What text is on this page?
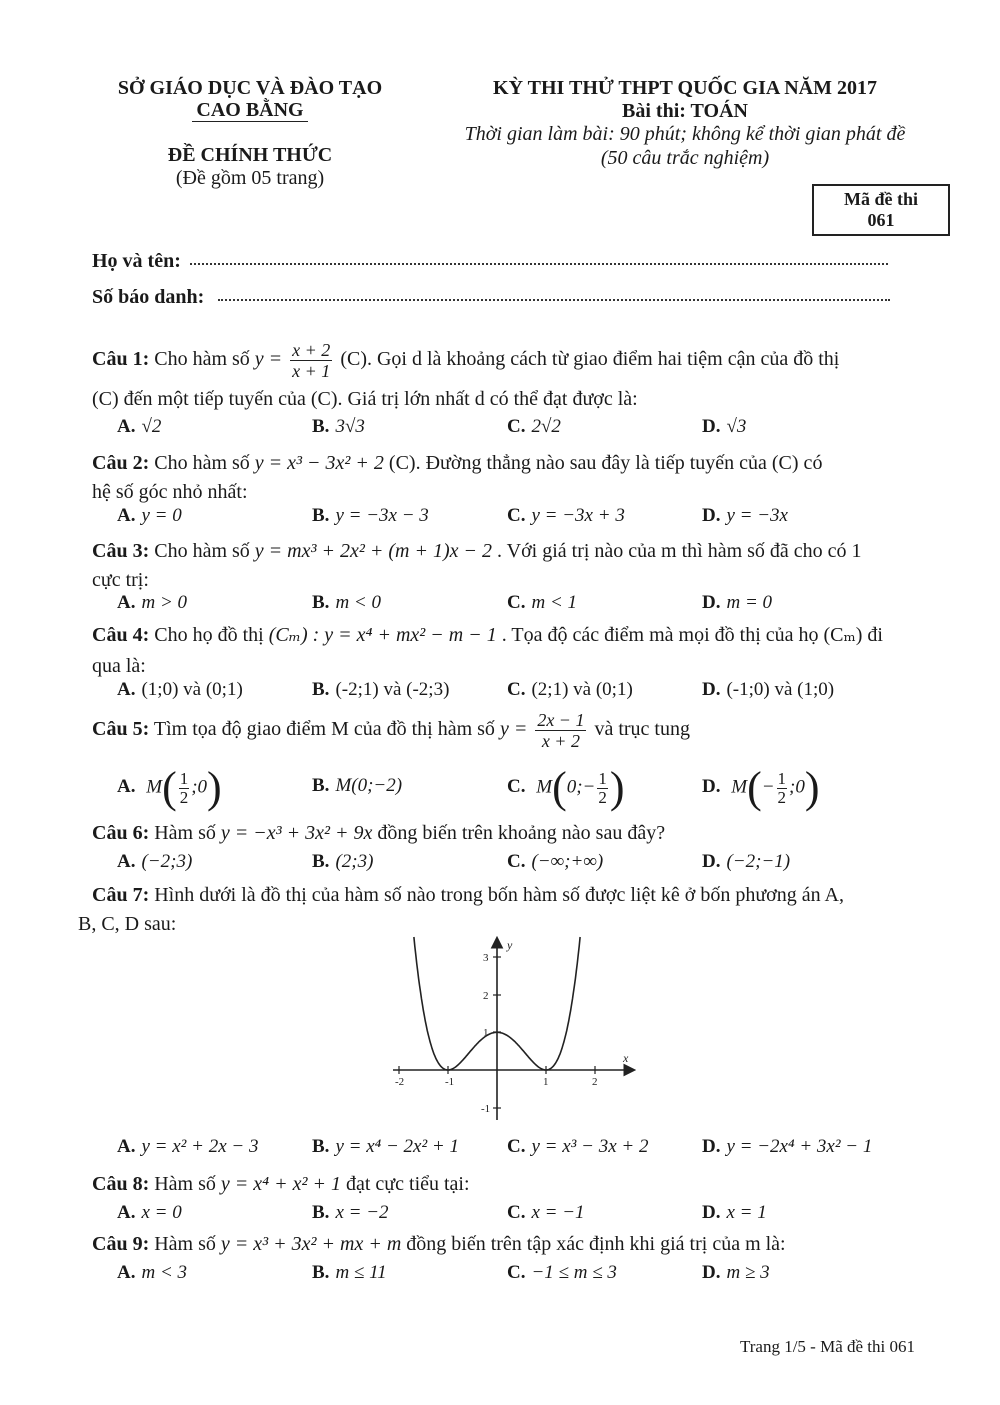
SỞ GIÁO DỤC VÀ ĐÀO TẠO
CAO BẰNG
ĐỀ CHÍNH THỨC
(Đề gồm 05 trang)
KỲ THI THỬ THPT QUỐC GIA NĂM 2017
Bài thi: TOÁN
Thời gian làm bài: 90 phút; không kể thời gian phát đề
(50 câu trắc nghiệm)
Mã đề thi
061
Họ và tên:
Số báo danh:
Câu 1: Cho hàm số $y = \frac{x + 2}{x + 1} (C)$. Gọi d là khoảng cách từ giao điểm hai tiệm cận của đồ thị
(C) đến một tiếp tuyến của (C). Giá trị lớn nhất d có thể đạt được là:
A. √2	B. 3√3	C. 2√2	D. √3
Câu 2: Cho hàm số y = x³ − 3x² + 2 (C). Đường thẳng nào sau đây là tiếp tuyến của (C) có
hệ số góc nhỏ nhất:
A. y = 0	B. y = −3x − 3	C. y = −3x + 3	D. y = −3x
Câu 3: Cho hàm số y = mx³ + 2x² + (m + 1)x − 2 . Với giá trị nào của m thì hàm số đã cho có 1
cực trị:
A. m > 0	B. m < 0	C. m < 1	D. m = 0
Câu 4: Cho họ đồ thị (Cₘ) : y = x⁴ + mx² − m − 1 . Tọa độ các điểm mà mọi đồ thị của họ (Cₘ) đi
qua là:
A. (1;0) và (0;1)	B. (-2;1) và (-2;3)	C. (2;1) và (0;1)	D. (-1;0) và (1;0)
Câu 5: Tìm tọa độ giao điểm M của đồ thị hàm số $y = \frac{2x - 1}{x + 2}$ và trục tung
A. $M( \frac{1}{2}$ ;0)	B. M(0;−2)	C. M(0;− $\frac{1}{2}$ )	D. $M(- \frac{1}{2}$ ;0)
Câu 6: Hàm số y = −x³ + 3x² + 9x đồng biến trên khoảng nào sau đây?
A. (−2;3)	B. (2;3)	C. (−∞;+∞)	D. (−2;−1)
Câu 7: Hình dưới là đồ thị của hàm số nào trong bốn hàm số được liệt kê ở bốn phương án A,
B, C, D sau:
-2	-1	1	2
3
2
1
-1
y
x
A. y = x² + 2x − 3	B. y = x⁴ − 2x² + 1	C. y = x³ − 3x + 2	D. y = −2x⁴ + 3x² − 1
Câu 8: Hàm số y = x⁴ + x² + 1 đạt cực tiểu tại:
A. x = 0	B. x = −2	C. x = −1	D. x = 1
Câu 9: Hàm số y = x³ + 3x² + mx + m đồng biến trên tập xác định khi giá trị của m là:
A. m < 3	B. m ≤ 11	C. −1 ≤ m ≤ 3	D. m ≥ 3
Trang 1/5 - Mã đề thi 061
